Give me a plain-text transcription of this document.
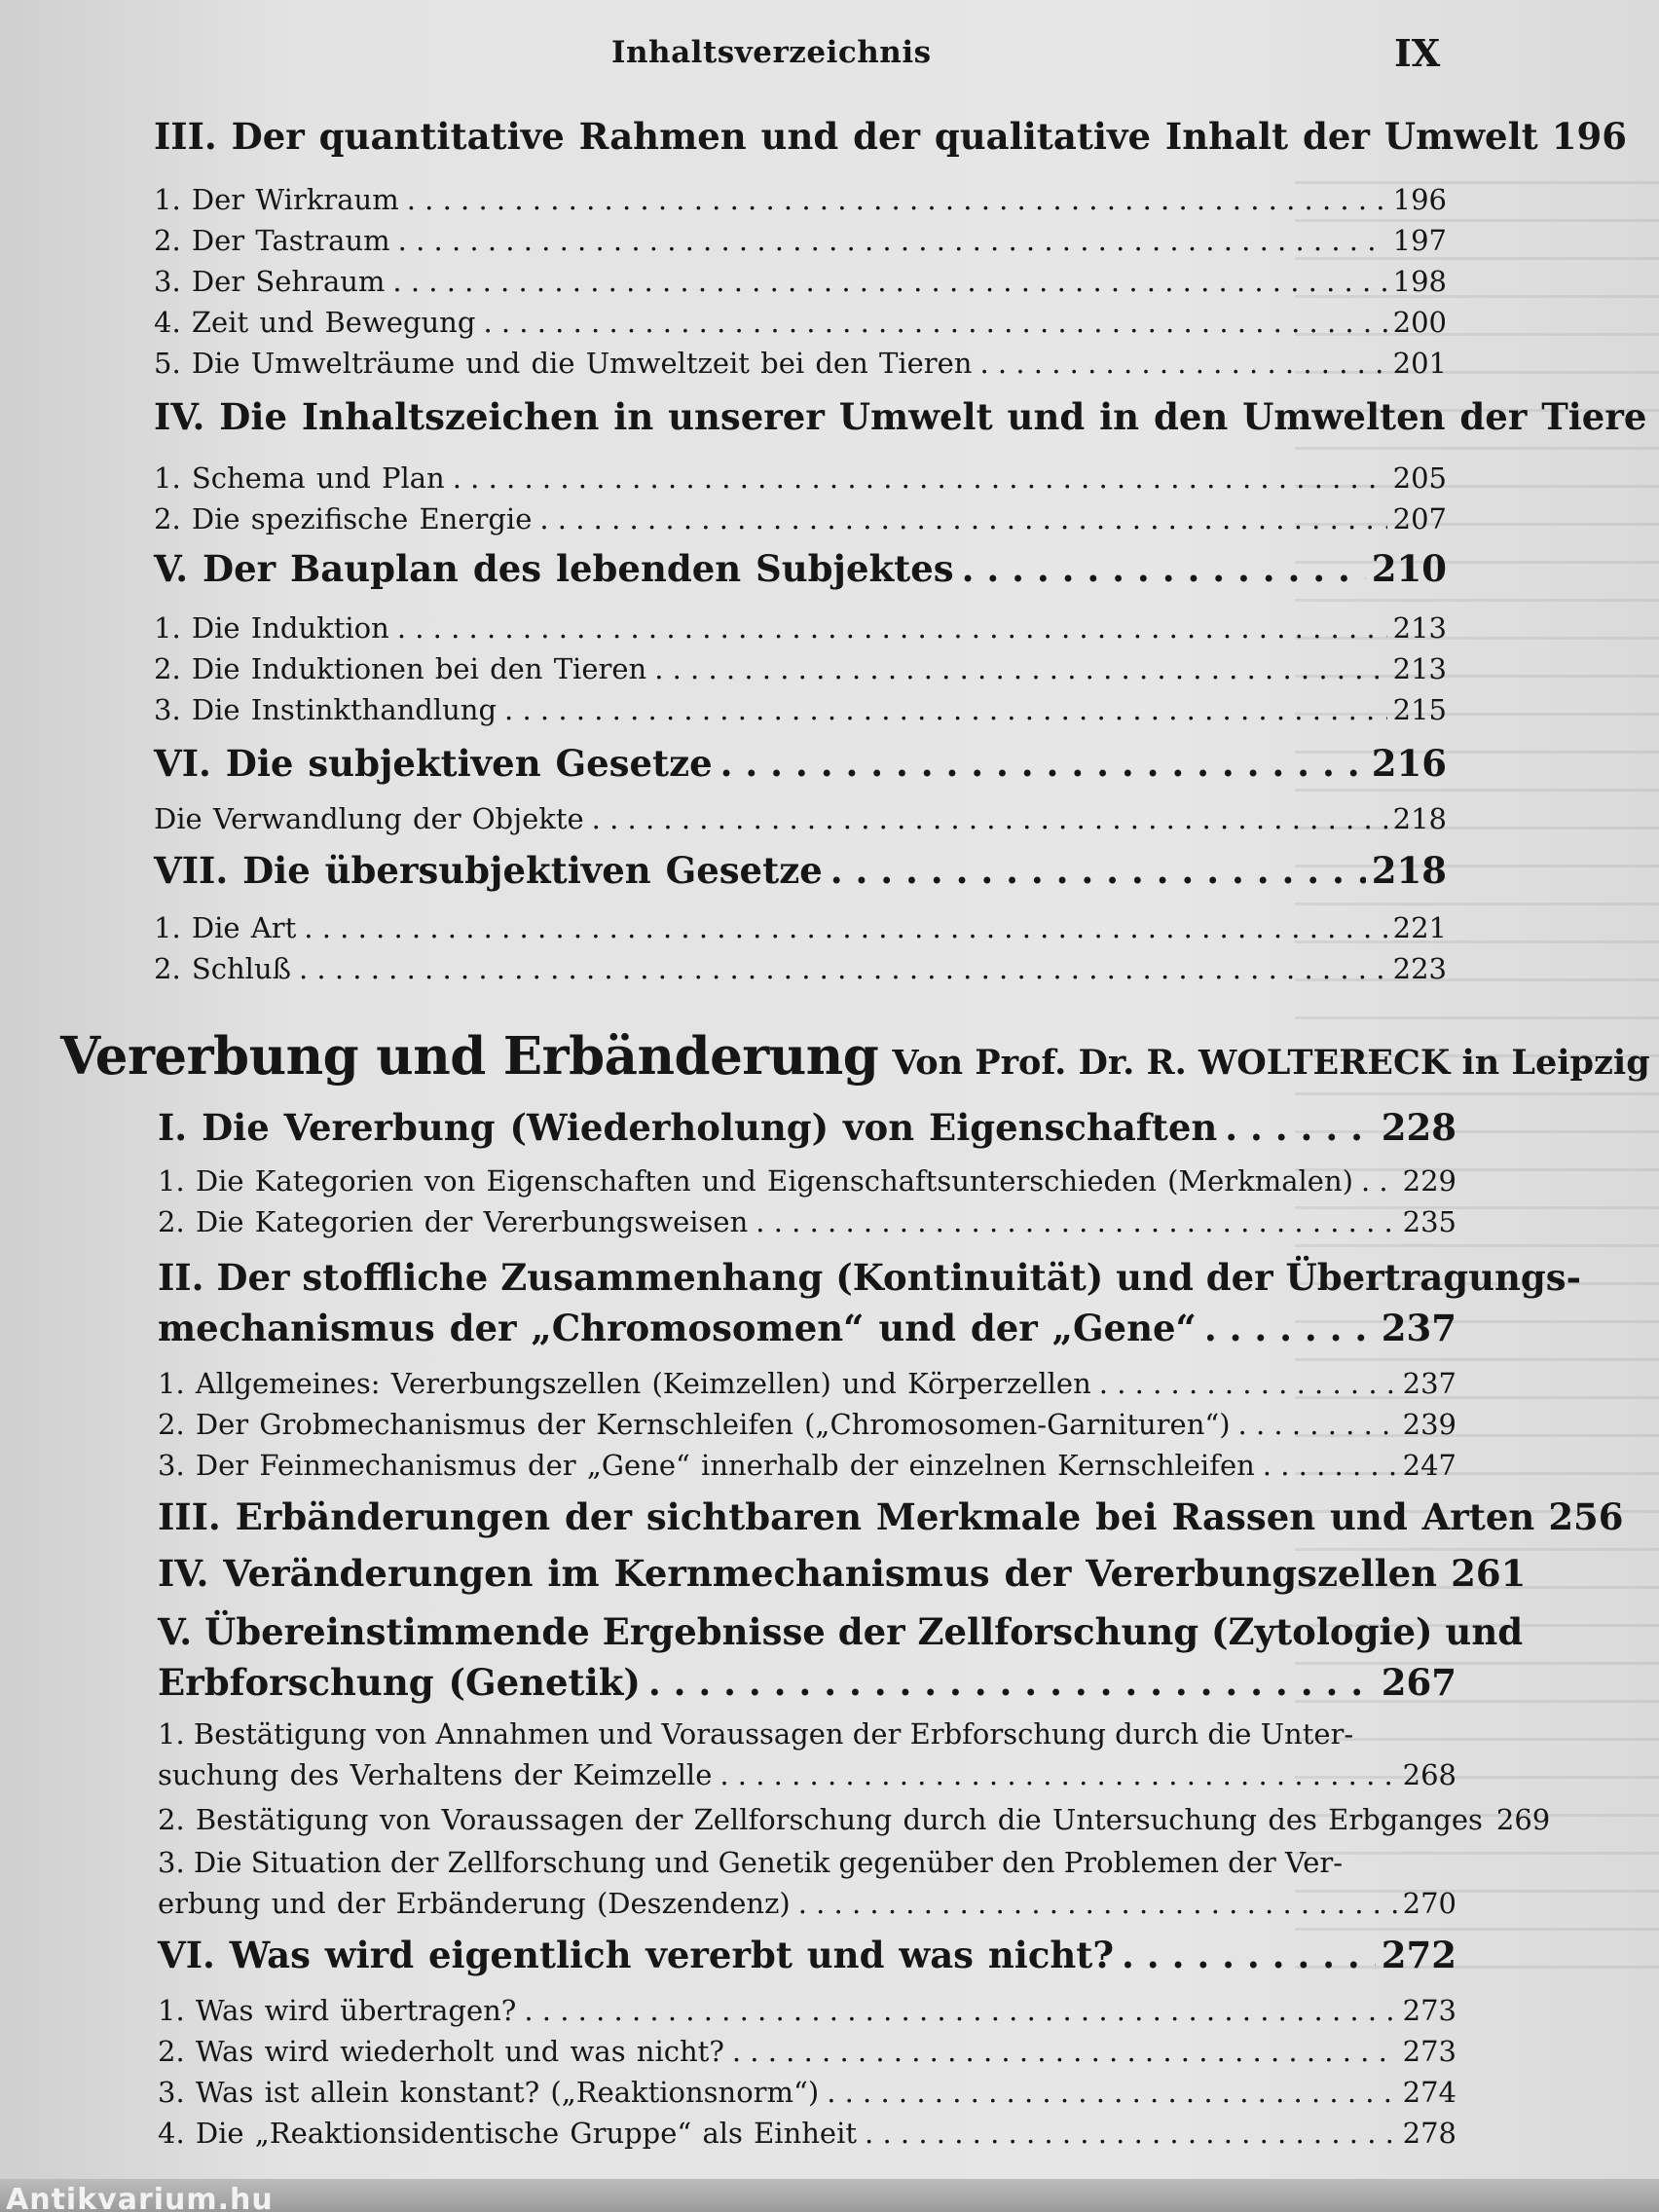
Inhaltsverzeichnis	IX
III. Der quantitative Rahmen und der qualitative Inhalt der Umwelt 196
1. Der Wirkraum . . .	196
2. Der Tastraum . . .	197
3. Der Sehraum . . .	198
4. Zeit und Bewegung . . .	200
5. Die Umwelträume und die Umweltzeit bei den Tieren . . .	201
IV. Die Inhaltszeichen in unserer Umwelt und in den Umwelten der Tiere
1. Schema und Plan . . .	205
2. Die spezifische Energie . . .	207
V. Der Bauplan des lebenden Subjektes . . .	210
1. Die Induktion . . .	213
2. Die Induktionen bei den Tieren . . .	213
3. Die Instinkthandlung . . .	215
VI. Die subjektiven Gesetze . . .	216
Die Verwandlung der Objekte . . .	218
VII. Die übersubjektiven Gesetze . . .	218
1. Die Art . . .	221
2. Schluß . . .	223
Vererbung und Erbänderung Von Prof. Dr. R. WOLTERECK in Leipzig
I. Die Vererbung (Wiederholung) von Eigenschaften . . .	228
1. Die Kategorien von Eigenschaften und Eigenschaftsunterschieden (Merkmalen) . . . 229
2. Die Kategorien der Vererbungsweisen . . .	235
II. Der stoffliche Zusammenhang (Kontinuität) und der Übertragungs-
mechanismus der „Chromosomen“ und der „Gene“ . . .	237
1. Allgemeines: Vererbungszellen (Keimzellen) und Körperzellen . . .	237
2. Der Grobmechanismus der Kernschleifen („Chromosomen-Garnituren“) . . .	239
3. Der Feinmechanismus der „Gene“ innerhalb der einzelnen Kernschleifen . . .	247
III. Erbänderungen der sichtbaren Merkmale bei Rassen und Arten 256
IV. Veränderungen im Kernmechanismus der Vererbungszellen 261
V. Übereinstimmende Ergebnisse der Zellforschung (Zytologie) und
Erbforschung (Genetik) . . .	267
1. Bestätigung von Annahmen und Voraussagen der Erbforschung durch die Unter-
suchung des Verhaltens der Keimzelle . . .	268
2. Bestätigung von Voraussagen der Zellforschung durch die Untersuchung des Erbganges 269
3. Die Situation der Zellforschung und Genetik gegenüber den Problemen der Ver-
erbung und der Erbänderung (Deszendenz) . . .	270
VI. Was wird eigentlich vererbt und was nicht? . . .	272
1. Was wird übertragen? . . .	273
2. Was wird wiederholt und was nicht? . . .	273
3. Was ist allein konstant? („Reaktionsnorm“) . . .	274
4. Die „Reaktionsidentische Gruppe“ als Einheit . . .	278
Antikvarium.hu
